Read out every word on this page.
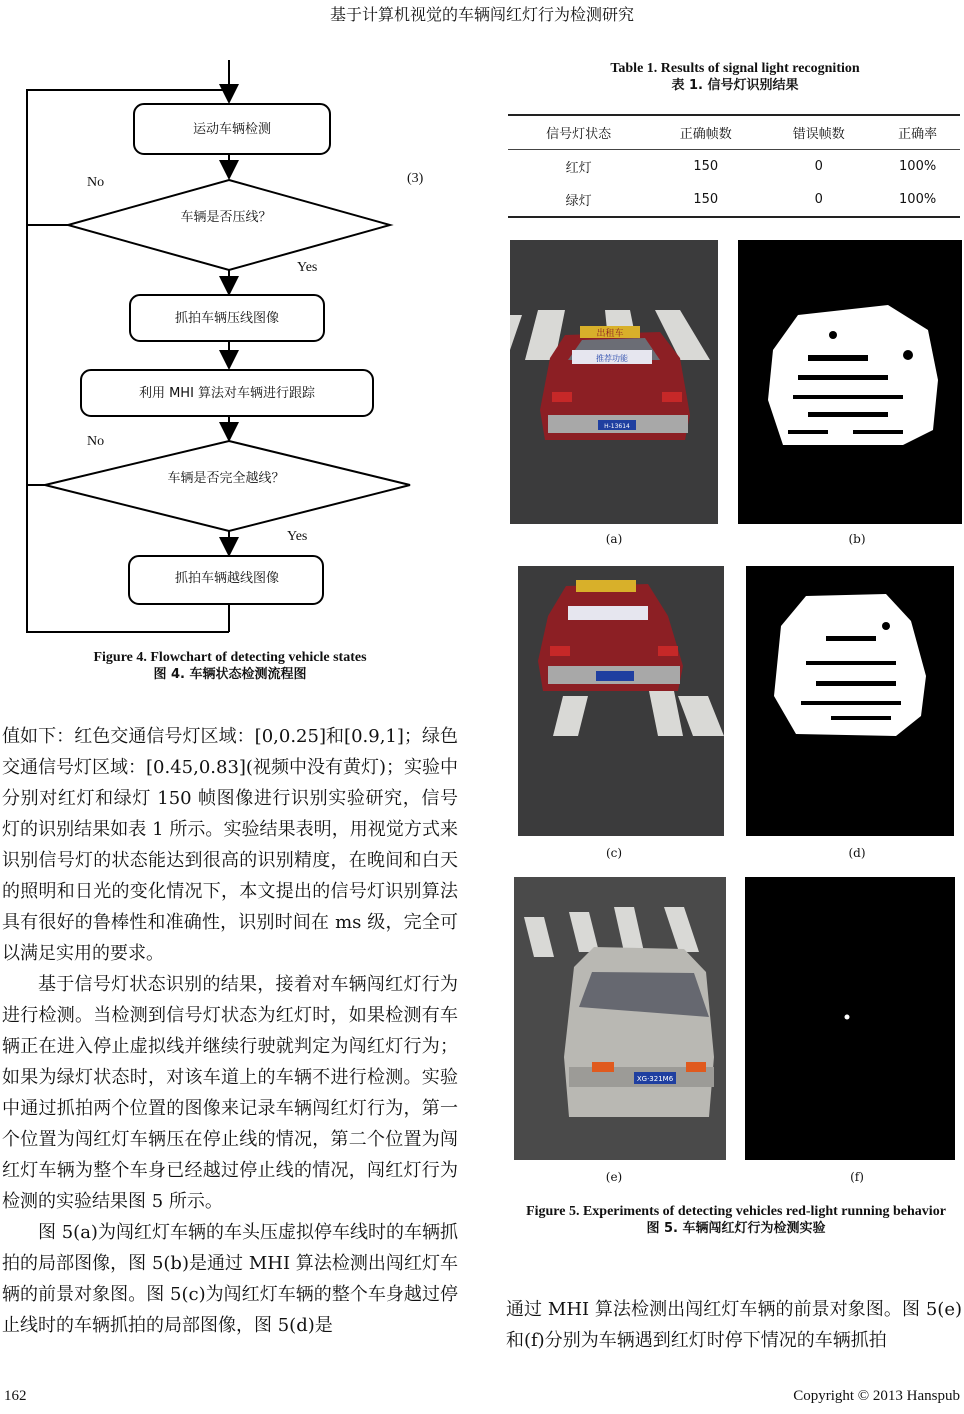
基于计算机视觉的车辆闯红灯行为检测研究
运动车辆检测
车辆是否压线？
抓拍车辆压线图像
利用 MHI 算法对车辆进行跟踪
车辆是否完全越线？
抓拍车辆越线图像
No
Yes
No
Yes
(3)
Figure 4. Flowchart of detecting vehicle states
图 4. 车辆状态检测流程图
值如下：红色交通信号灯区域：[0,0.25]和[0.9,1]；绿色交通信号灯区域：[0.45,0.83](视频中没有黄灯)；实验中分别对红灯和绿灯 150 帧图像进行识别实验研究，信号灯的识别结果如表 1 所示。实验结果表明，用视觉方式来识别信号灯的状态能达到很高的识别精度，在晚间和白天的照明和日光的变化情况下，本文提出的信号灯识别算法具有很好的鲁棒性和准确性，识别时间在 ms 级，完全可以满足实用的要求。
基于信号灯状态识别的结果，接着对车辆闯红灯行为进行检测。当检测到信号灯状态为红灯时，如果检测有车辆正在进入停止虚拟线并继续行驶就判定为闯红灯行为；如果为绿灯状态时，对该车道上的车辆不进行检测。实验中通过抓拍两个位置的图像来记录车辆闯红灯行为，第一个位置为闯红灯车辆压在停止线的情况，第二个位置为闯红灯车辆为整个车身已经越过停止线的情况，闯红灯行为检测的实验结果图 5 所示。
图 5(a)为闯红灯车辆的车头压虚拟停车线时的车辆抓拍的局部图像，图 5(b)是通过 MHI 算法检测出闯红灯车辆的前景对象图。图 5(c)为闯红灯车辆的整个车身越过停止线时的车辆抓拍的局部图像，图 5(d)是
Table 1. Results of signal light recognition
表 1. 信号灯识别结果
信号灯状态	正确帧数	错误帧数	正确率
红灯	150	0	100%
绿灯	150	0	100%
出租车
推荐功能
H-13614
XG·321M6
(a)	(b)
(c)	(d)
(e)	(f)
Figure 5. Experiments of detecting vehicles red-light running behavior
图 5. 车辆闯红灯行为检测实验
通过 MHI 算法检测出闯红灯车辆的前景对象图。图 5(e)和(f)分别为车辆遇到红灯时停下情况的车辆抓拍
162	Copyright © 2013 Hanspub
